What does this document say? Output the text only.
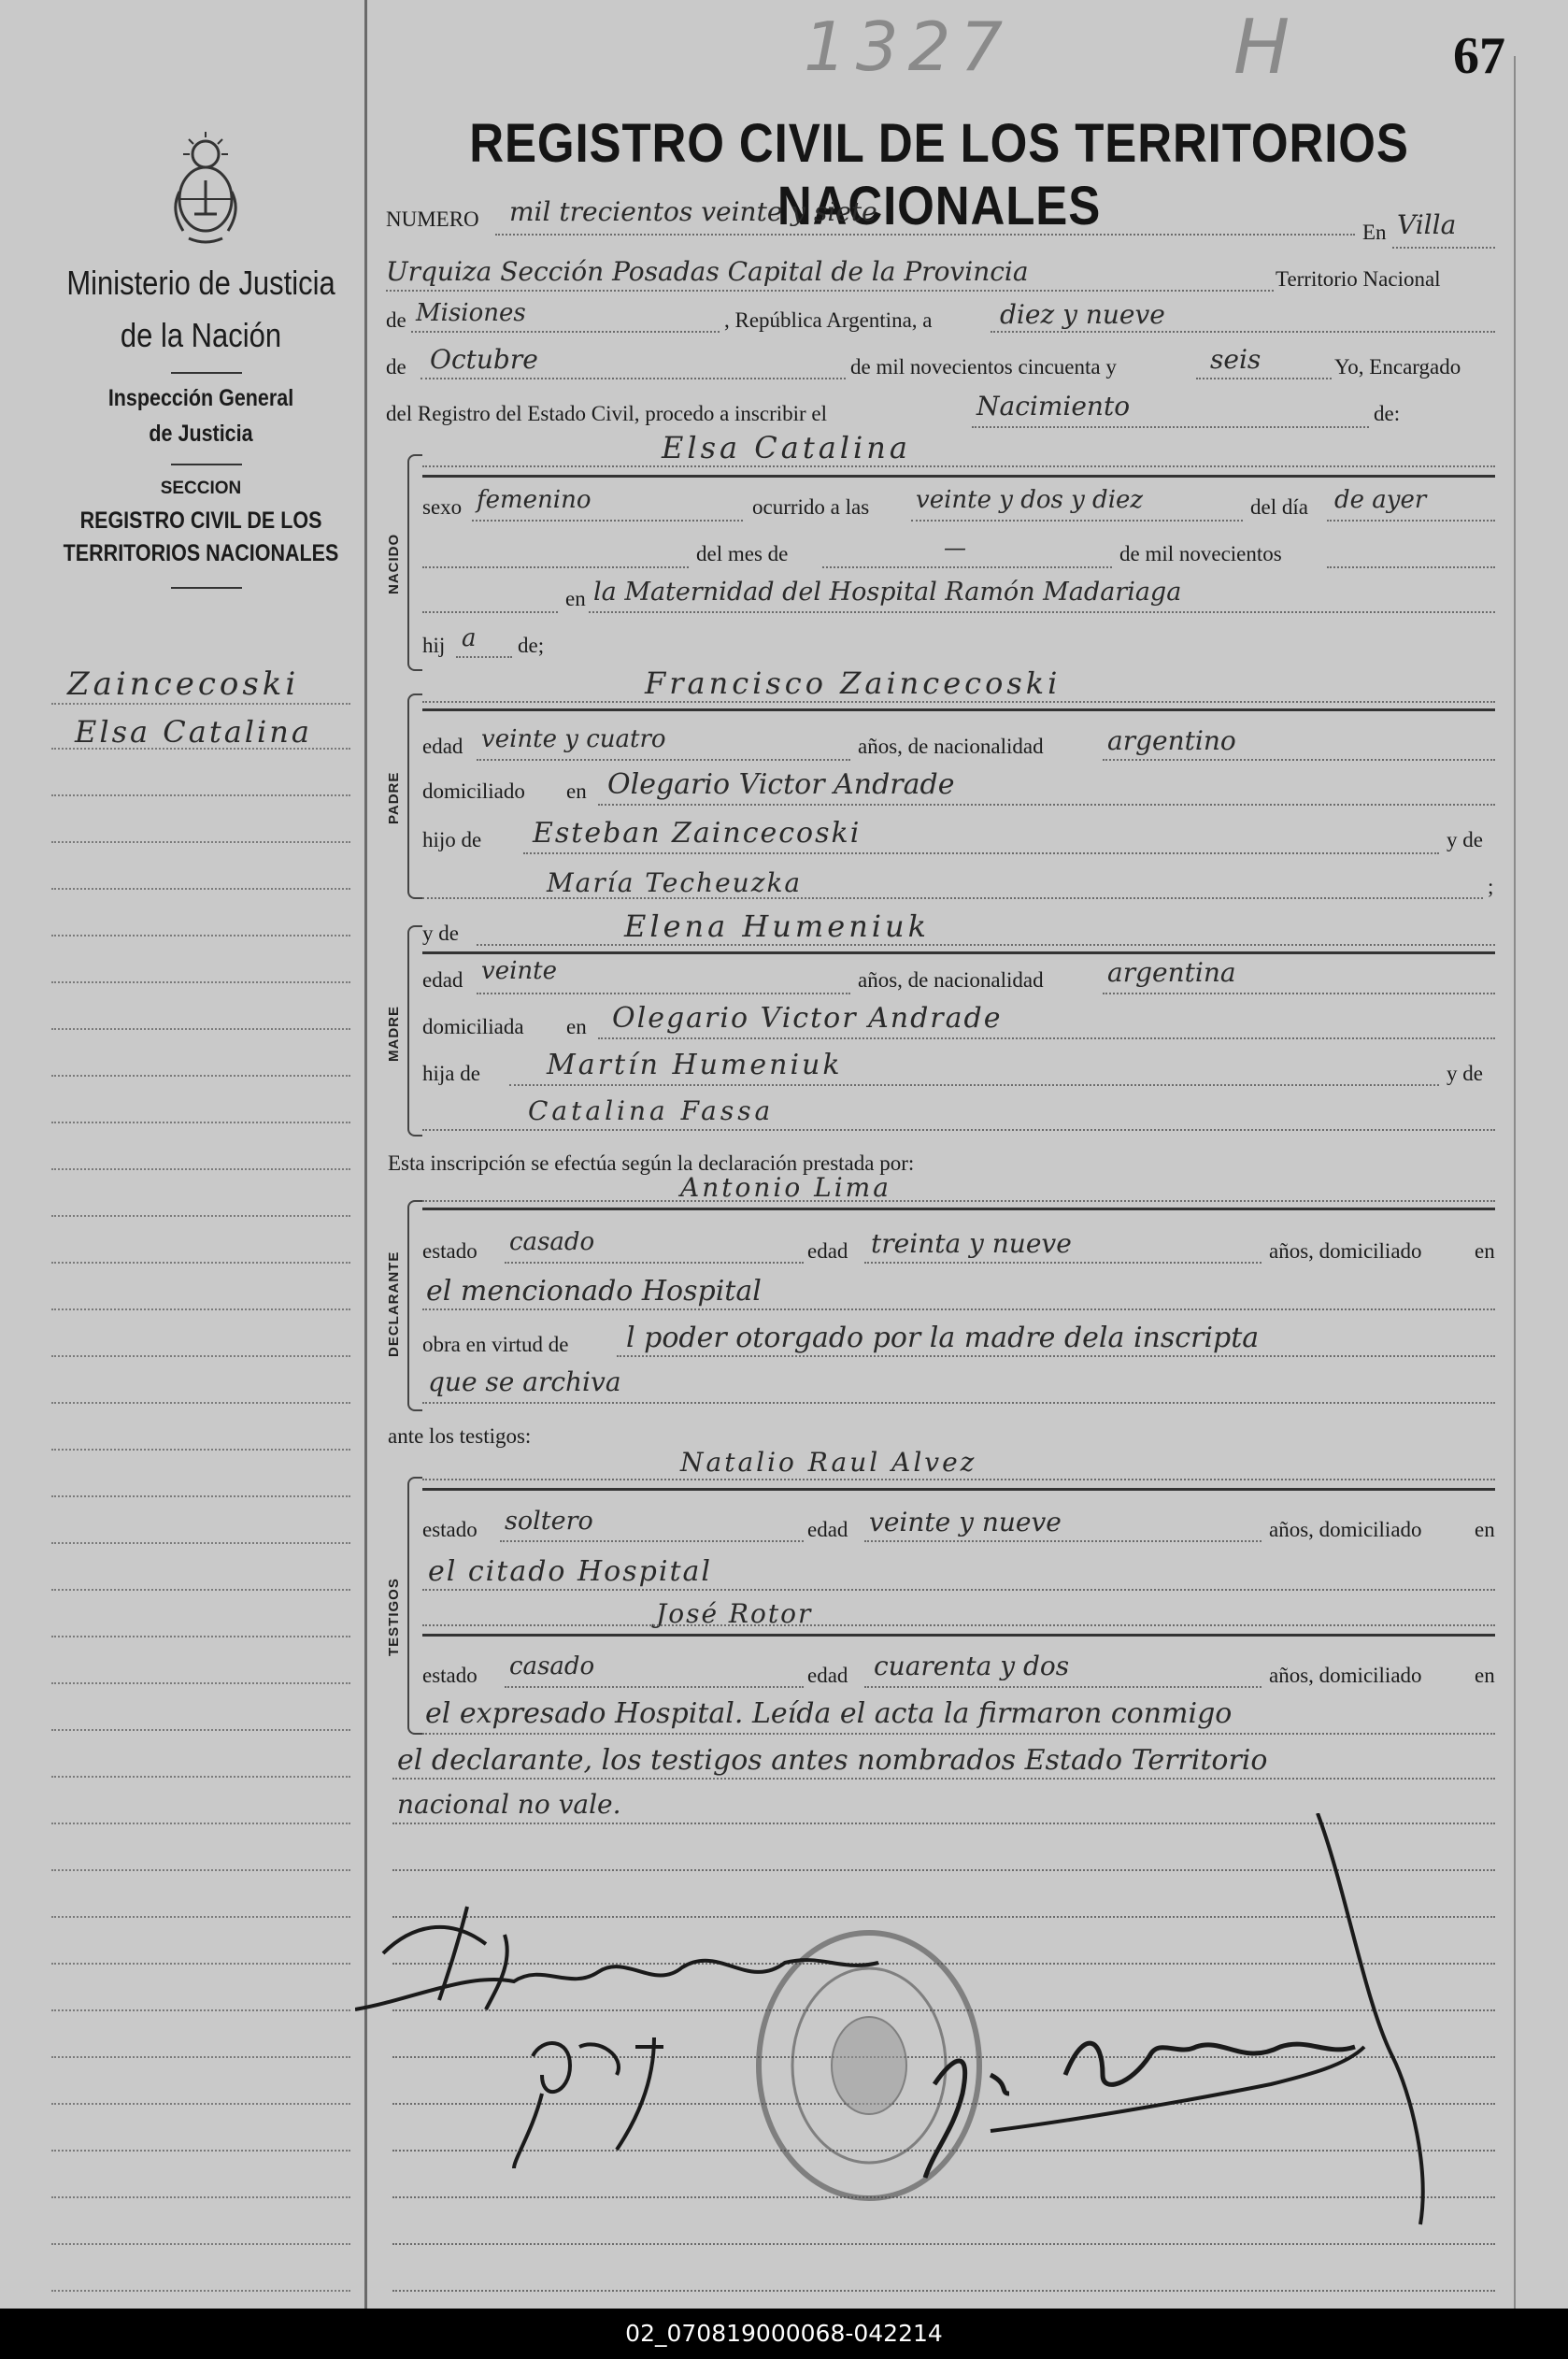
1327	H	67
Ministerio de Justicia
de la Nación
Inspección General
de Justicia
SECCION
REGISTRO CIVIL DE LOS
TERRITORIOS NACIONALES
Zaincecoski
Elsa Catalina
REGISTRO CIVIL DE LOS TERRITORIOS NACIONALES
NUMERO mil trecientos veinte y siete
En Villa
Urquiza Sección Posadas Capital de la Provincia	Territorio Nacional
de Misiones	, República Argentina, a	diez y nueve
de Octubre	de mil novecientos cincuenta y	seis	Yo, Encargado
del Registro del Estado Civil, procedo a inscribir el	Nacimiento	de:
NACIDO
Elsa Catalina
sexo femenino	ocurrido a las veinte y dos y diez	del día de ayer
del mes de	—	de mil novecientos
en la Maternidad del Hospital Ramón Madariaga
hij a de;
PADRE
Francisco Zaincecoski
edad veinte y cuatro	años, de nacionalidad argentino
domiciliado en Olegario Victor Andrade
hijo de Esteban Zaincecoski	y de
María Techeuzka	;
MADRE
y de	Elena Humeniuk
edad veinte	años, de nacionalidad argentina
domiciliada en Olegario Victor Andrade
hija de Martín Humeniuk	y de
Catalina Fassa
Esta inscripción se efectúa según la declaración prestada por:
DECLARANTE
Antonio Lima
estado casado	edad treinta y nueve	años, domiciliado en
el mencionado Hospital
obra en virtud de l poder otorgado por la madre dela inscripta
que se archiva
ante los testigos:
TESTIGOS
Natalio Raul Alvez
estado soltero	edad veinte y nueve	años, domiciliado en
el citado Hospital
José Rotor
estado casado	edad cuarenta y dos	años, domiciliado en
el expresado Hospital. Leída el acta la firmaron conmigo
el declarante, los testigos antes nombrados Estado Territorio
nacional no vale.
02_070819000068-042214
